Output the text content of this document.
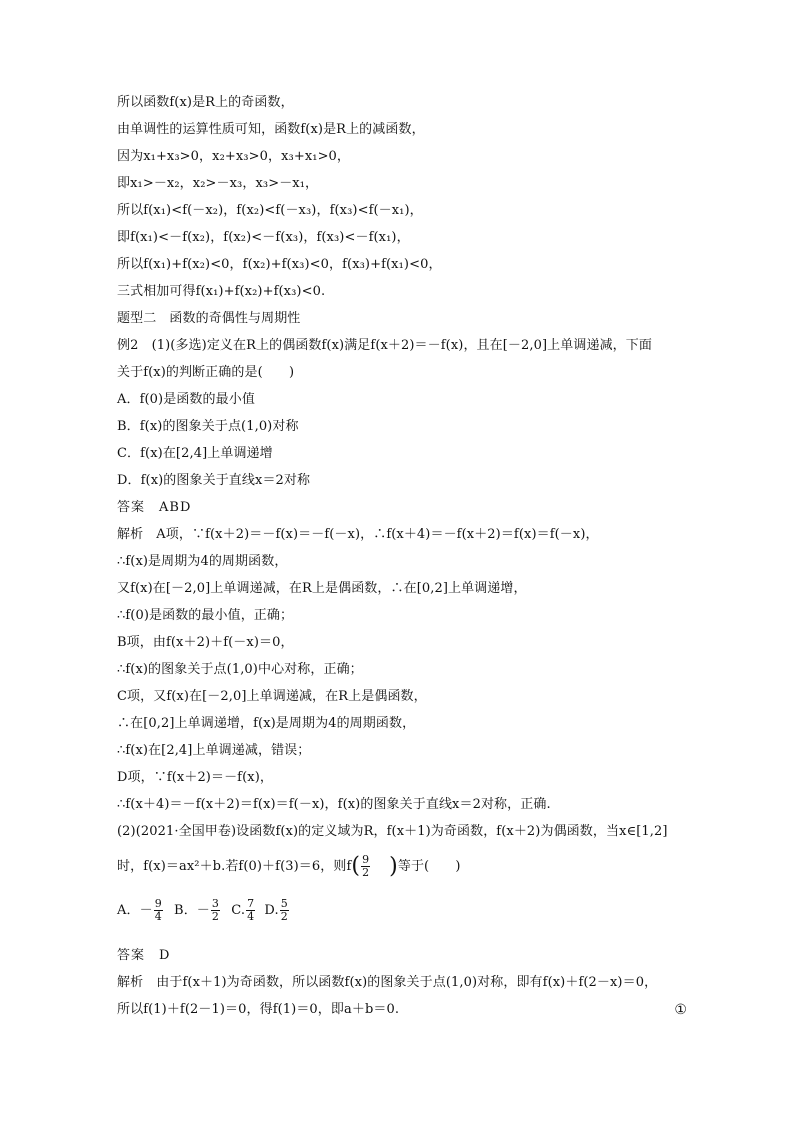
所以函数f(x)是R上的奇函数，
由单调性的运算性质可知，函数f(x)是R上的减函数，
因为x₁+x₃>0，x₂+x₃>0，x₃+x₁>0，
即x₁>－x₂，x₂>－x₃，x₃>－x₁，
所以f(x₁)<f(－x₂)，f(x₂)<f(－x₃)，f(x₃)<f(－x₁)，
即f(x₁)<－f(x₂)，f(x₂)<－f(x₃)，f(x₃)<－f(x₁)，
所以f(x₁)+f(x₂)<0，f(x₂)+f(x₃)<0，f(x₃)+f(x₁)<0，
三式相加可得f(x₁)+f(x₂)+f(x₃)<0.
题型二　函数的奇偶性与周期性
例2　(1)(多选)定义在R上的偶函数f(x)满足f(x＋2)＝－f(x)，且在[－2,0]上单调递减，下面
关于f(x)的判断正确的是(　　)
A．f(0)是函数的最小值
B．f(x)的图象关于点(1,0)对称
C．f(x)在[2,4]上单调递增
D．f(x)的图象关于直线x＝2对称
答案　ABD
解析　A项，∵f(x＋2)＝－f(x)＝－f(－x)，∴f(x＋4)＝－f(x＋2)＝f(x)＝f(－x)，
∴f(x)是周期为4的周期函数，
又f(x)在[－2,0]上单调递减，在R上是偶函数，∴在[0,2]上单调递增，
∴f(0)是函数的最小值，正确；
B项，由f(x＋2)＋f(－x)＝0，
∴f(x)的图象关于点(1,0)中心对称，正确；
C项，又f(x)在[－2,0]上单调递减，在R上是偶函数，
∴在[0,2]上单调递增，f(x)是周期为4的周期函数，
∴f(x)在[2,4]上单调递减，错误；
D项，∵f(x＋2)＝－f(x)，
∴f(x＋4)＝－f(x＋2)＝f(x)＝f(－x)，f(x)的图象关于直线x＝2对称，正确.
(2)(2021·全国甲卷)设函数f(x)的定义域为R，f(x＋1)为奇函数，f(x＋2)为偶函数，当x∈[1,2]
时，f(x)＝ax²＋b.若f(0)＋f(3)＝6，则$f( \frac{9}{2}$ )等于(　　)
A．－ $\frac{9}{4}$ B．－ $\frac{3}{2} C$. $\frac{7}{4} D$. $\frac{5}{2}$
答案　D
解析　由于f(x＋1)为奇函数，所以函数f(x)的图象关于点(1,0)对称，即有f(x)＋f(2－x)＝0，
所以f(1)＋f(2－1)＝0，得f(1)＝0，即a＋b＝0.	①
